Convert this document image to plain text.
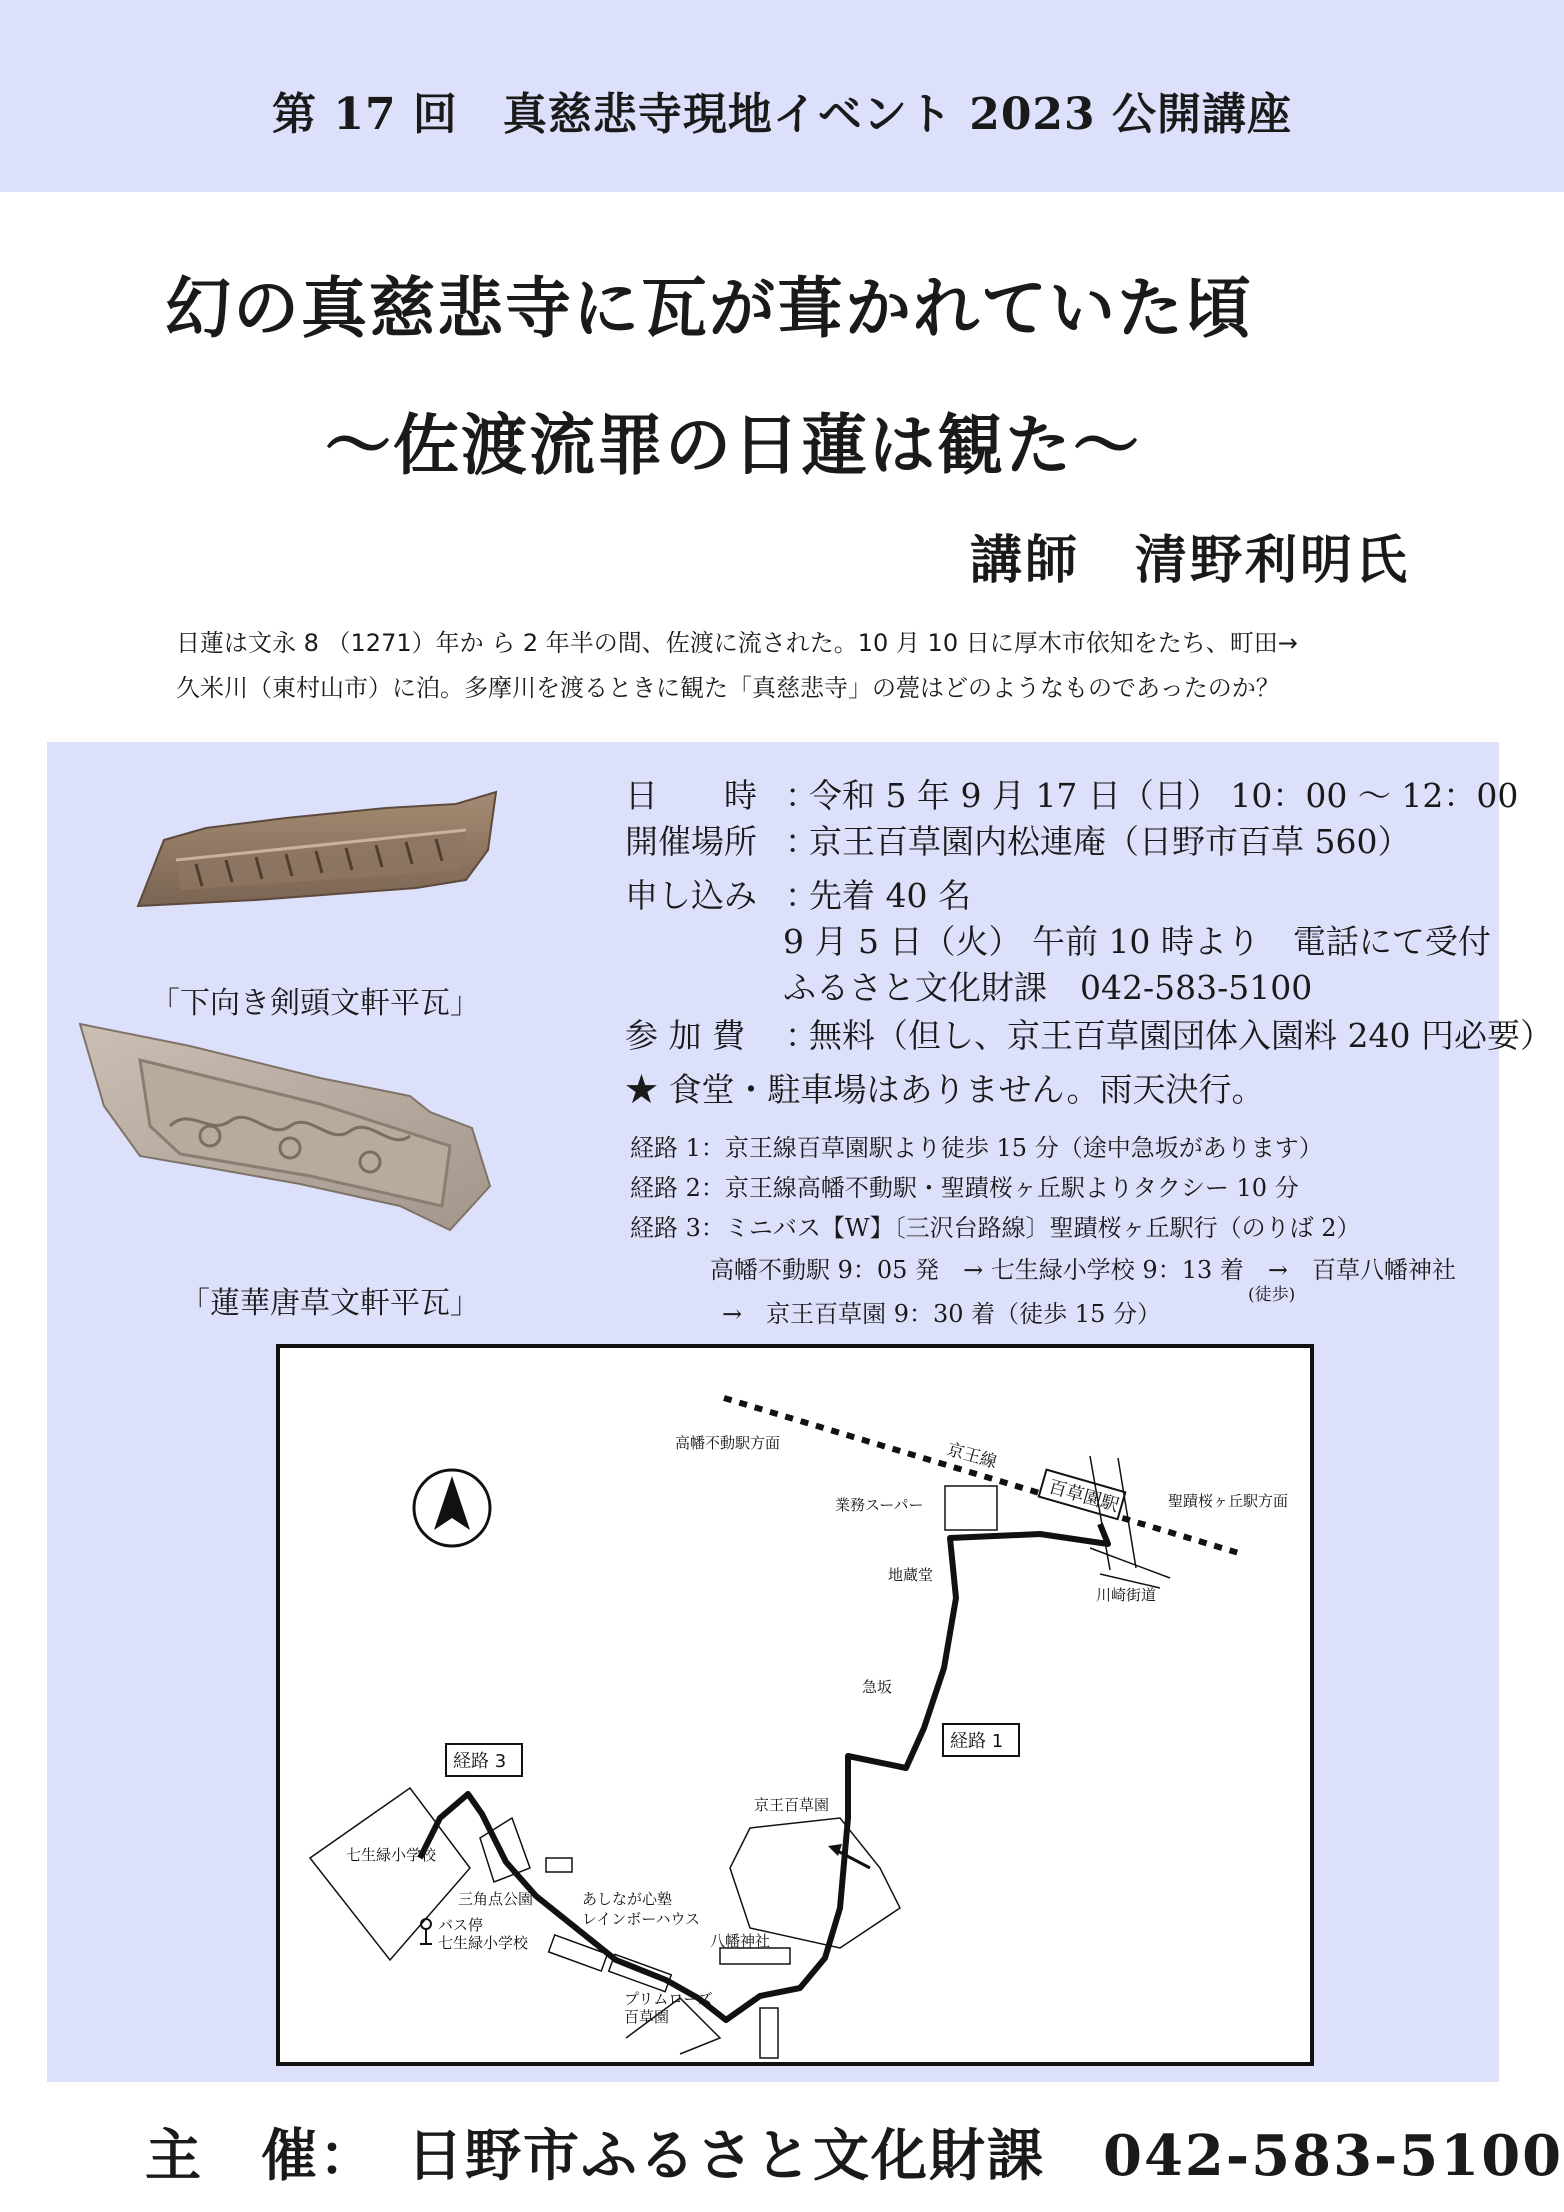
第 17 回　真慈悲寺現地イベント 2023 公開講座
幻の真慈悲寺に瓦が葺かれていた頃
～佐渡流罪の日蓮は観た～
講師　清野利明氏
日蓮は文永 8 （1271）年か ら 2 年半の間、佐渡に流された。10 月 10 日に厚木市依知をたち、町田→
久米川（東村山市）に泊。多摩川を渡るときに観た「真慈悲寺」の甍はどのようなものであったのか？
「下向き剣頭文軒平瓦」
「蓮華唐草文軒平瓦」
日　　時 ：令和 5 年 9 月 17 日（日） 10：00 ～ 12：00
開催場所 ：京王百草園内松連庵（日野市百草 560）
申し込み ：先着 40 名
9 月 5 日（火） 午前 10 時より　電話にて受付
ふるさと文化財課　042-583-5100
参 加 費 ：無料（但し、京王百草園団体入園料 240 円必要）
★ 食堂・駐車場はありません。雨天決行。
経路 1：京王線百草園駅より徒歩 15 分（途中急坂があります）
経路 2：京王線高幡不動駅・聖蹟桜ヶ丘駅よりタクシー 10 分
経路 3：ミニバス【W】〔三沢台路線〕聖蹟桜ヶ丘駅行（のりば 2）
高幡不動駅 9：05 発　→ 七生緑小学校 9：13 着　→　百草八幡神社
(徒歩)
→　京王百草園 9：30 着（徒歩 15 分）
京王線
高幡不動駅方面
聖蹟桜ヶ丘駅方面
百草園駅
川崎街道
業務スーパー
地蔵堂
急坂
経路 1
経路 3
京王百草園
七生緑小学校
三角点公園	あしなが心塾
レインボーハウス
八幡神社
バス停
七生緑小学校
プリムローズ
百草園
主　催：　日野市ふるさと文化財課　042-583-5100
